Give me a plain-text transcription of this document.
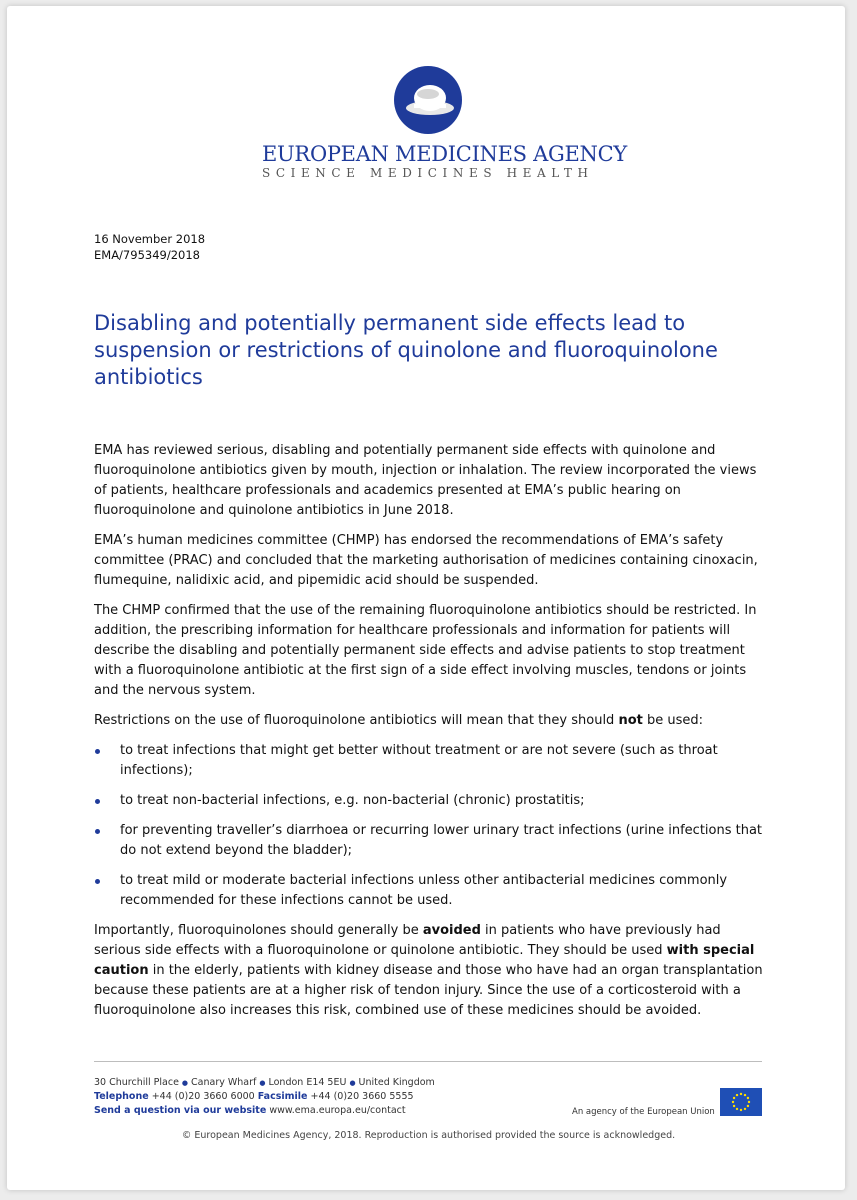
EUROPEAN MEDICINES AGENCY
SCIENCE MEDICINES HEALTH
16 November 2018
EMA/795349/2018
Disabling and potentially permanent side effects lead to suspension or restrictions of quinolone and fluoroquinolone antibiotics

EMA has reviewed serious, disabling and potentially permanent side effects with quinolone and fluoroquinolone antibiotics given by mouth, injection or inhalation. The review incorporated the views of patients, healthcare professionals and academics presented at EMA’s public hearing on fluoroquinolone and quinolone antibiotics in June 2018.

EMA’s human medicines committee (CHMP) has endorsed the recommendations of EMA’s safety committee (PRAC) and concluded that the marketing authorisation of medicines containing cinoxacin, flumequine, nalidixic acid, and pipemidic acid should be suspended.

The CHMP confirmed that the use of the remaining fluoroquinolone antibiotics should be restricted. In addition, the prescribing information for healthcare professionals and information for patients will describe the disabling and potentially permanent side effects and advise patients to stop treatment with a fluoroquinolone antibiotic at the first sign of a side effect involving muscles, tendons or joints and the nervous system.

Restrictions on the use of fluoroquinolone antibiotics will mean that they should not be used:

to treat infections that might get better without treatment or are not severe (such as throat infections);
to treat non-bacterial infections, e.g. non-bacterial (chronic) prostatitis;
for preventing traveller’s diarrhoea or recurring lower urinary tract infections (urine infections that do not extend beyond the bladder);
to treat mild or moderate bacterial infections unless other antibacterial medicines commonly recommended for these infections cannot be used.

Importantly, fluoroquinolones should generally be avoided in patients who have previously had serious side effects with a fluoroquinolone or quinolone antibiotic. They should be used with special caution in the elderly, patients with kidney disease and those who have had an organ transplantation because these patients are at a higher risk of tendon injury. Since the use of a corticosteroid with a fluoroquinolone also increases this risk, combined use of these medicines should be avoided.

30 Churchill Place ● Canary Wharf ● London E14 5EU ● United Kingdom
Telephone +44 (0)20 3660 6000 Facsimile +44 (0)20 3660 5555
Send a question via our website www.ema.europa.eu/contact	An agency of the European Union
© European Medicines Agency, 2018. Reproduction is authorised provided the source is acknowledged.
